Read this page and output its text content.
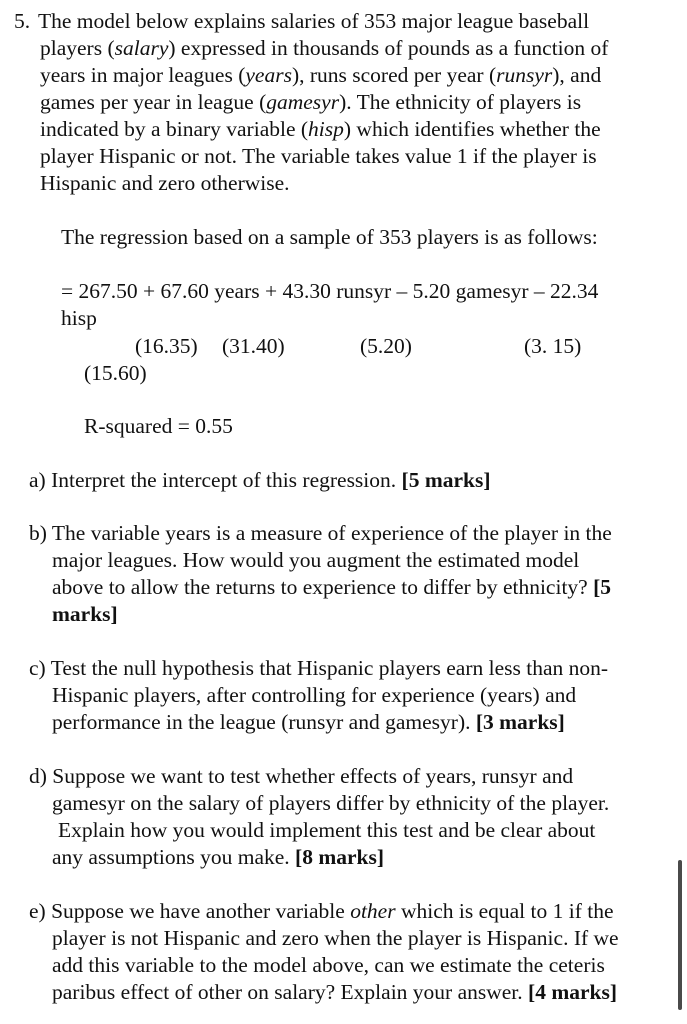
5. The model below explains salaries of 353 major league baseball
players (salary) expressed in thousands of pounds as a function of
years in major leagues (years), runs scored per year (runsyr), and
games per year in league (gamesyr). The ethnicity of players is
indicated by a binary variable (hisp) which identifies whether the
player Hispanic or not. The variable takes value 1 if the player is
Hispanic and zero otherwise.
The regression based on a sample of 353 players is as follows:
= 267.50 + 67.60 years + 43.30 runsyr – 5.20 gamesyr – 22.34
hisp
(16.35) (31.40)	(5.20)	(3. 15)
(15.60)
R-squared = 0.55
a) Interpret the intercept of this regression. [5 marks]
b) The variable years is a measure of experience of the player in the
major leagues. How would you augment the estimated model
above to allow the returns to experience to differ by ethnicity? [5
marks]
c) Test the null hypothesis that Hispanic players earn less than non-
Hispanic players, after controlling for experience (years) and
performance in the league (runsyr and gamesyr). [3 marks]
d) Suppose we want to test whether effects of years, runsyr and
gamesyr on the salary of players differ by ethnicity of the player.
Explain how you would implement this test and be clear about
any assumptions you make. [8 marks]
e) Suppose we have another variable other which is equal to 1 if the
player is not Hispanic and zero when the player is Hispanic. If we
add this variable to the model above, can we estimate the ceteris
paribus effect of other on salary? Explain your answer. [4 marks]
